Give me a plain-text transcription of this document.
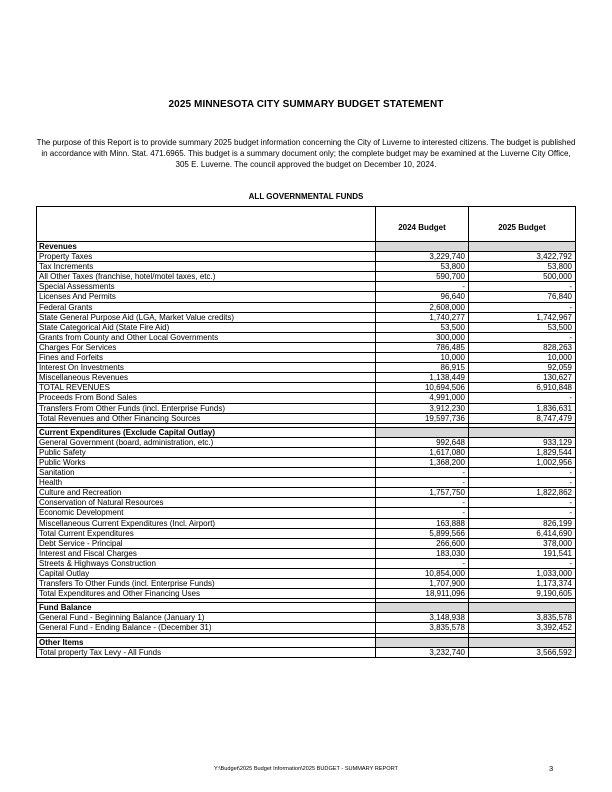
2025 MINNESOTA CITY SUMMARY BUDGET STATEMENT
The purpose of this Report is to provide summary 2025 budget information concerning the City of Luverne to interested citizens. The budget is published in accordance with Minn. Stat. 471.6965. This budget is a summary document only; the complete budget may be examined at the Luverne City Office, 305 E. Luverne. The council approved the budget on December 10, 2024.
ALL GOVERNMENTAL FUNDS
	2024 Budget	2025 Budget
Revenues		
Property Taxes	3,229,740	3,422,792
Tax Increments	53,800	53,800
All Other Taxes (franchise, hotel/motel taxes, etc.)	590,700	500,000
Special Assessments	-	-
Licenses And Permits	96,640	76,840
Federal Grants	2,608,000	-
State General Purpose Aid (LGA, Market Value credits)	1,740,277	1,742,967
State Categorical Aid (State Fire Aid)	53,500	53,500
Grants from County and Other Local Governments	300,000	-
Charges For Services	786,485	828,263
Fines and Forfeits	10,000	10,000
Interest On Investments	86,915	92,059
Miscellaneous Revenues	1,138,449	130,627
TOTAL REVENUES	10,694,506	6,910,848
Proceeds From Bond Sales	4,991,000	-
Transfers From Other Funds (incl. Enterprise Funds)	3,912,230	1,836,631
Total Revenues and Other Financing Sources	19,597,736	8,747,479

Current Expenditures (Exclude Capital Outlay)		
General Government (board, administration, etc.)	992,648	933,129
Public Safety	1,617,080	1,829,544
Public Works	1,368,200	1,002,956
Sanitation	-	-
Health	-	-
Culture and Recreation	1,757,750	1,822,862
Conservation of Natural Resources	-	-
Economic Development	-	-
Miscellaneous Current Expenditures (Incl. Airport)	163,888	826,199
Total Current Expenditures	5,899,566	6,414,690
Debt Service - Principal	266,600	378,000
Interest and Fiscal Charges	183,030	191,541
Streets & Highways Construction	-	-
Capital Outlay	10,854,000	1,033,000
Transfers To Other Funds (incl. Enterprise Funds)	1,707,900	1,173,374
Total Expenditures and Other Financing Uses	18,911,096	9,190,605

Fund Balance		
General Fund - Beginning Balance (January 1)	3,148,938	3,835,578
General Fund - Ending Balance - (December 31)	3,835,578	3,392,452

Other Items		
Total property Tax Levy - All Funds	3,232,740	3,566,592
Y:\Budget\2025 Budget Information\2025 BUDGET - SUMMARY REPORT	3
